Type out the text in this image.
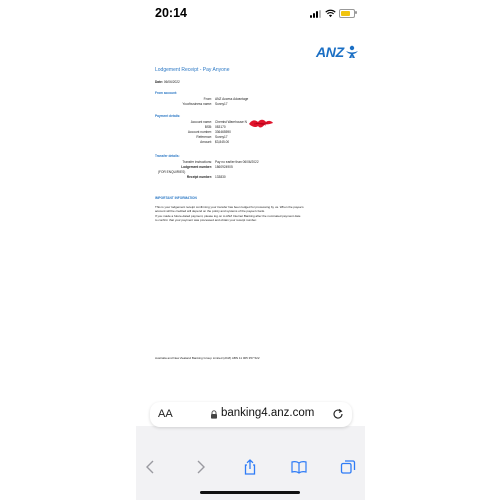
20:14
ANZ
Lodgement Receipt - Pay Anyone
Date: 06/06/2022
From account:
From: ANZ Access Advantage
Your/business name: Sunny17
Payment details:
Account name: Chemist Warehouse N
BSB: 083170
Account number: 336465590
Reference: Sunny17
Amount: $3,845.00
Transfer details:
Transfer instructions: Pay no earlier than 06/06/2022
Lodgement number: 1860924905
(FOR ENQUIRIES)
Receipt number: 133830
IMPORTANT INFORMATION
This is your lodgement receipt confirming your transfer has been lodged for processing by us. When the payee's
account will be credited will depend on the policy and systems of the payee's bank.
If you made a future-dated payment, please log on to ANZ Internet Banking after the nominated payment date
to confirm that your payment was processed and obtain your receipt number.
Australia and New Zealand Banking Group Limited (ANZ) ABN 11 005 357 522
AA	banking4.anz.com
